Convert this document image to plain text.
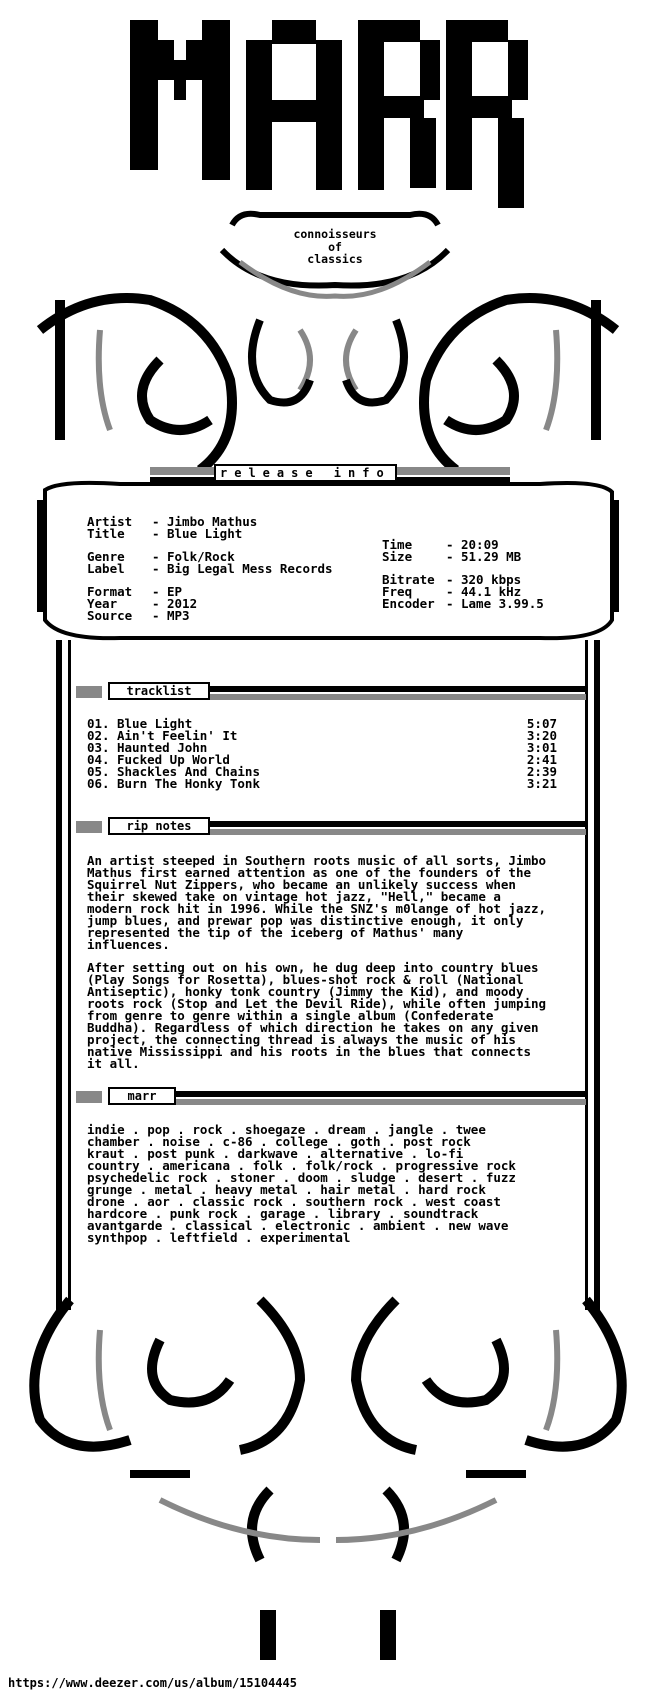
connoisseurs
of
classics
release info
Artist	- Jimbo Mathus
Title	- Blue Light
Genre	- Folk/Rock
Label	- Big Legal Mess Records
Format	- EP
Year	- 2012
Source	- MP3
Time	- 20:09
Size	- 51.29 MB
Bitrate - 320 kbps
Freq	- 44.1 kHz
Encoder - Lame 3.99.5
tracklist
01. Blue Light	5:07
02. Ain't Feelin' It	3:20
03. Haunted John	3:01
04. Fucked Up World	2:41
05. Shackles And Chains	2:39
06. Burn The Honky Tonk	3:21
rip notes
An artist steeped in Southern roots music of all sorts, Jimbo
Mathus first earned attention as one of the founders of the
Squirrel Nut Zippers, who became an unlikely success when
their skewed take on vintage hot jazz, "Hell," became a
modern rock hit in 1996. While the SNZ's m0lange of hot jazz,
jump blues, and prewar pop was distinctive enough, it only
represented the tip of the iceberg of Mathus' many
influences.
After setting out on his own, he dug deep into country blues
(Play Songs for Rosetta), blues-shot rock & roll (National
Antiseptic), honky tonk country (Jimmy the Kid), and moody
roots rock (Stop and Let the Devil Ride), while often jumping
from genre to genre within a single album (Confederate
Buddha). Regardless of which direction he takes on any given
project, the connecting thread is always the music of his
native Mississippi and his roots in the blues that connects
it all.
marr
indie . pop . rock . shoegaze . dream . jangle . twee
chamber . noise . c-86 . college . goth . post rock
kraut . post punk . darkwave . alternative . lo-fi
country . americana . folk . folk/rock . progressive rock
psychedelic rock . stoner . doom . sludge . desert . fuzz
grunge . metal . heavy metal . hair metal . hard rock
drone . aor . classic rock . southern rock . west coast
hardcore . punk rock . garage . library . soundtrack
avantgarde . classical . electronic . ambient . new wave
synthpop . leftfield . experimental
https://www.deezer.com/us/album/15104445
